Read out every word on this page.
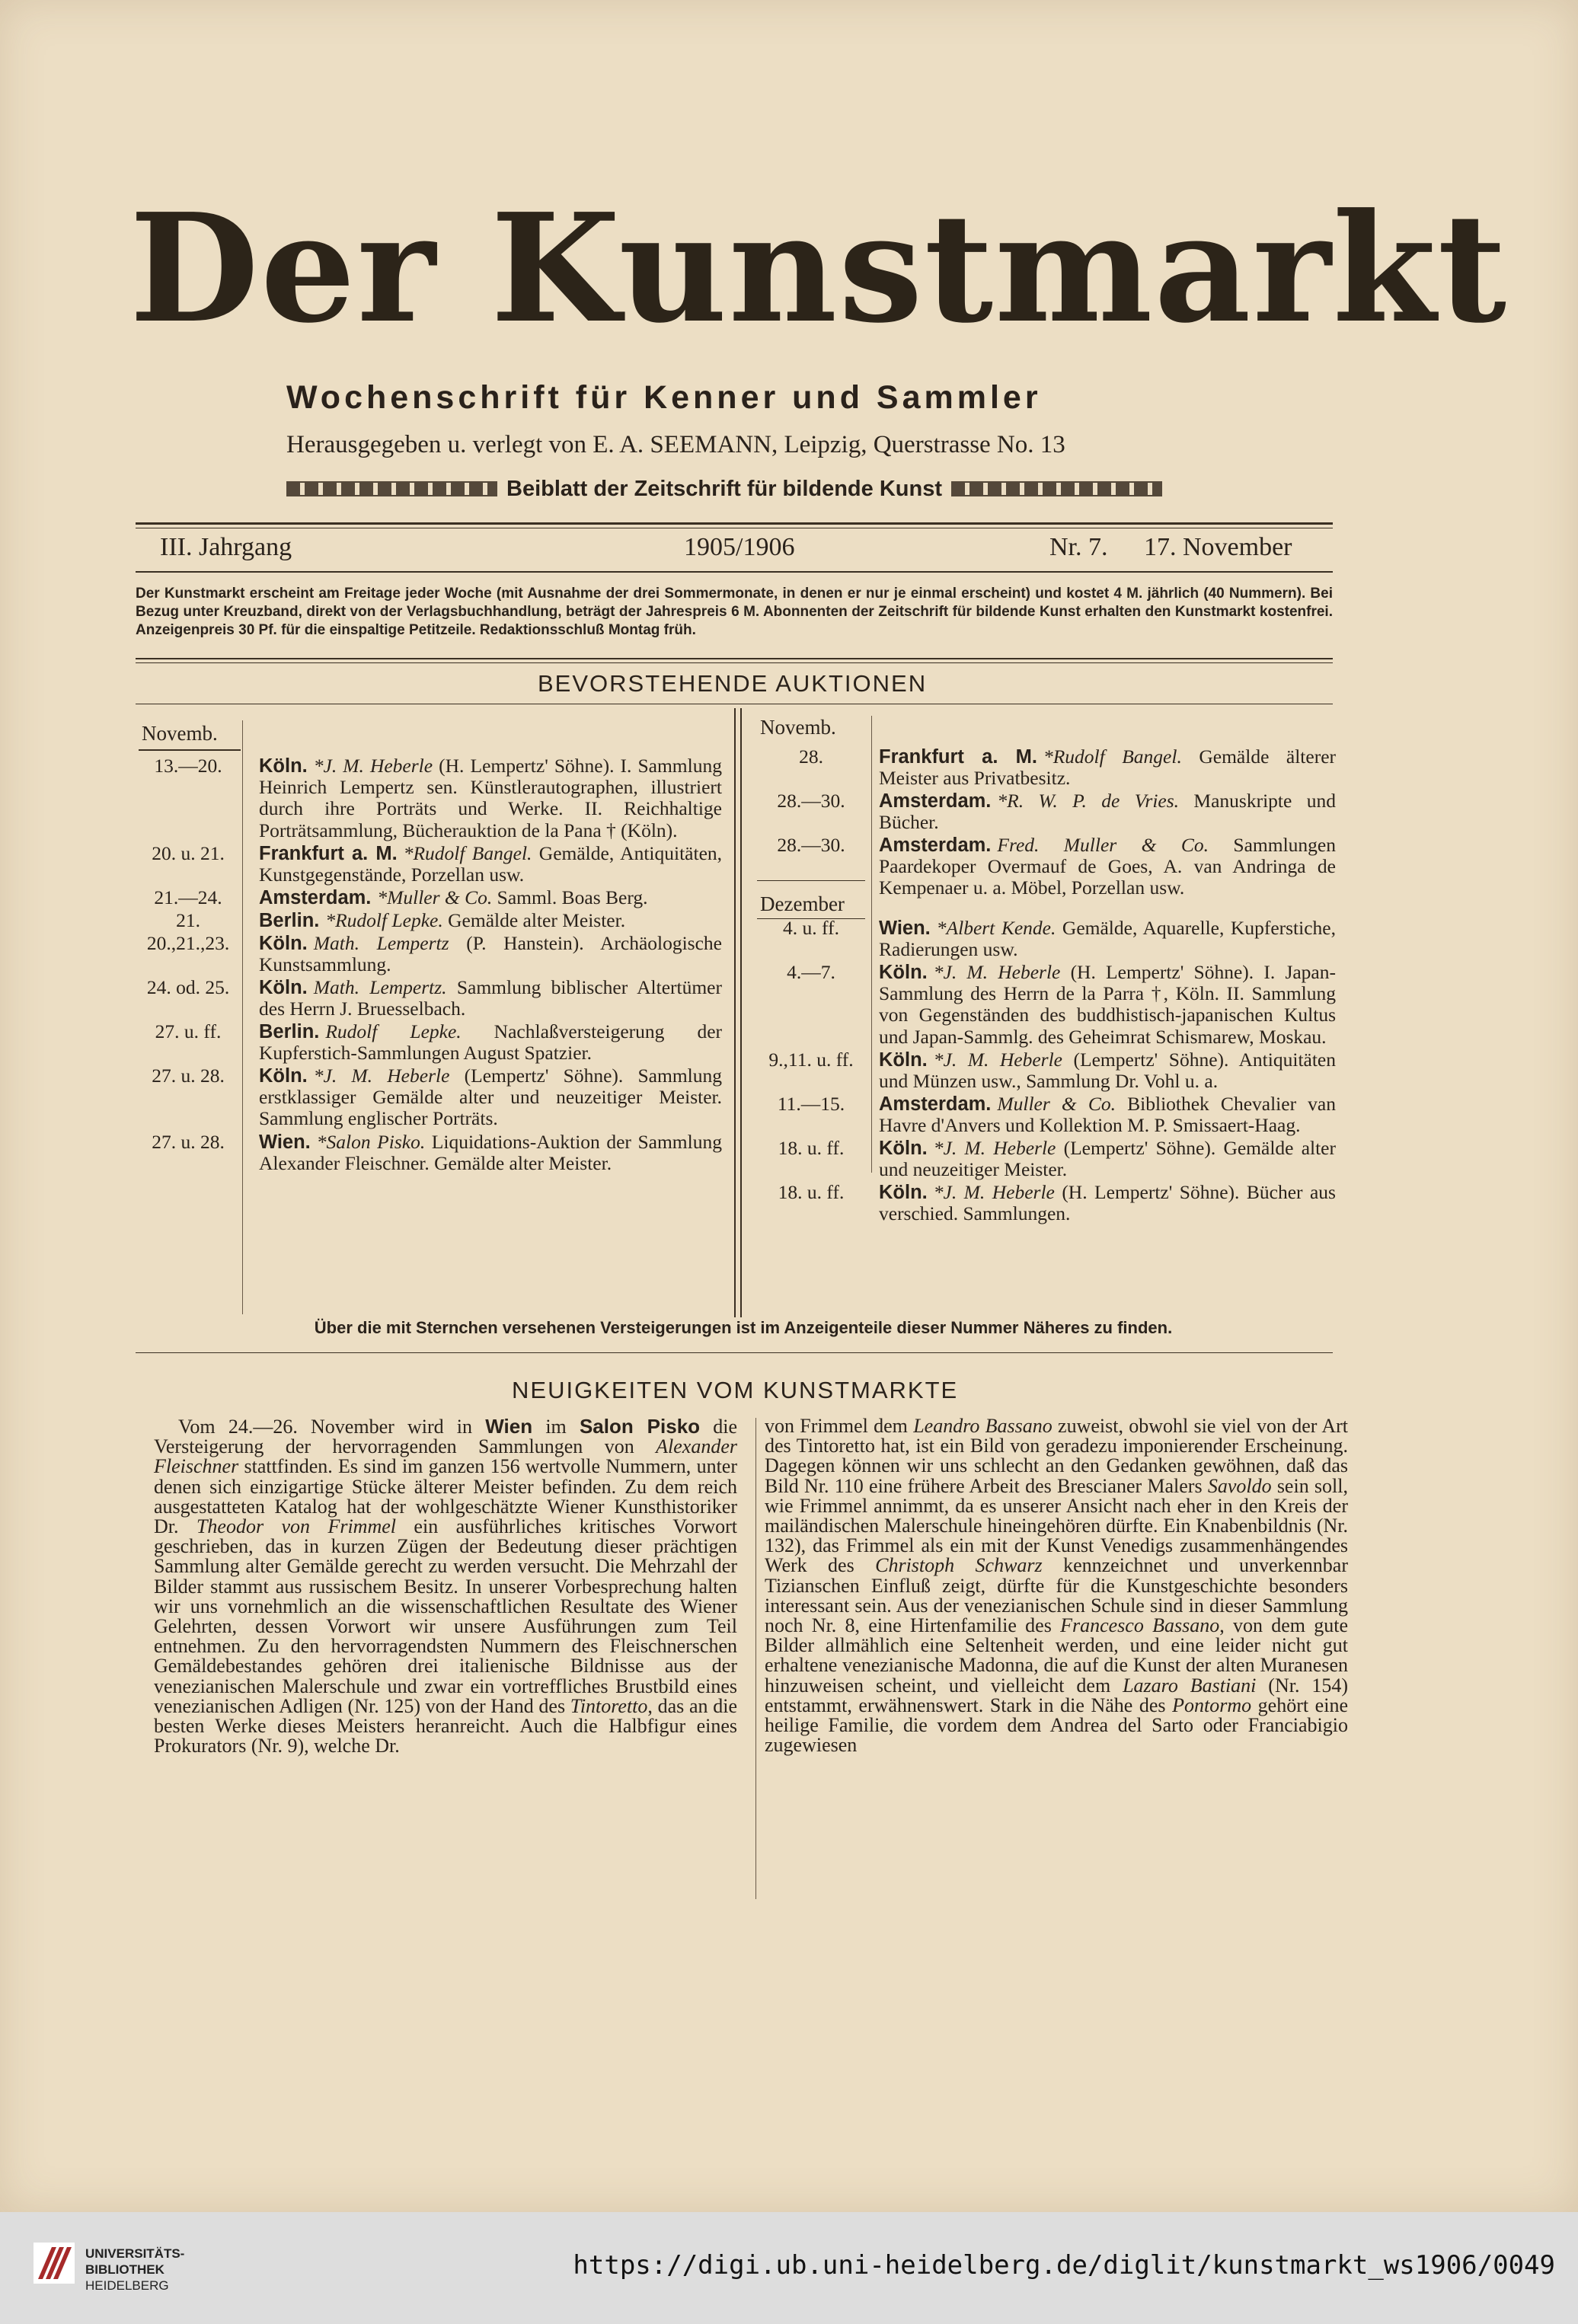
Der Kunstmarkt
Wochenschrift für Kenner und Sammler
Herausgegeben u. verlegt von E. A. SEEMANN, Leipzig, Querstrasse No. 13
Beiblatt der Zeitschrift für bildende Kunst
III. Jahrgang	1905/1906	Nr. 7. 17. November
Der Kunstmarkt erscheint am Freitage jeder Woche (mit Ausnahme der drei Sommermonate, in denen er nur je einmal erscheint) und kostet 4 M. jährlich (40 Nummern). Bei Bezug unter Kreuzband, direkt von der Verlagsbuchhandlung, beträgt der Jahrespreis 6 M. Abonnenten der Zeitschrift für bildende Kunst erhalten den Kunstmarkt kostenfrei. Anzeigenpreis 30 Pf. für die einspaltige Petitzeile. Redaktionsschluß Montag früh.
BEVORSTEHENDE AUKTIONEN
Novemb.	Novemb.
Dezember
13.—20.	Köln. *J. M. Heberle (H. Lempertz' Söhne). I. Sammlung Heinrich Lempertz sen. Künstlerautographen, illustriert durch ihre Porträts und Werke. II. Reichhaltige Porträtsammlung, Bücherauktion de la Pana † (Köln).
20. u. 21.	Frankfurt a. M. *Rudolf Bangel. Gemälde, Antiquitäten, Kunstgegenstände, Porzellan usw.
21.—24.	Amsterdam. *Muller & Co. Samml. Boas Berg.
21.	Berlin. *Rudolf Lepke. Gemälde alter Meister.
20.,21.,23.	Köln. Math. Lempertz (P. Hanstein). Archäologische Kunstsammlung.
24. od. 25.	Köln. Math. Lempertz. Sammlung biblischer Altertümer des Herrn J. Bruesselbach.
27. u. ff.	Berlin. Rudolf Lepke. Nachlaßversteigerung der Kupferstich-Sammlungen August Spatzier.
27. u. 28.	Köln. *J. M. Heberle (Lempertz' Söhne). Sammlung erstklassiger Gemälde alter und neuzeitiger Meister. Sammlung englischer Porträts.
27. u. 28.	Wien. *Salon Pisko. Liquidations-Auktion der Sammlung Alexander Fleischner. Gemälde alter Meister.
28.	Frankfurt a. M. *Rudolf Bangel. Gemälde älterer Meister aus Privatbesitz.
28.—30.	Amsterdam. *R. W. P. de Vries. Manuskripte und Bücher.
28.—30.	Amsterdam. Fred. Muller & Co. Sammlungen Paardekoper Overmauf de Goes, A. van Andringa de Kempenaer u. a. Möbel, Porzellan usw.
4. u. ff.	Wien. *Albert Kende. Gemälde, Aquarelle, Kupferstiche, Radierungen usw.
4.—7.	Köln. *J. M. Heberle (H. Lempertz' Söhne). I. Japan-Sammlung des Herrn de la Parra †, Köln. II. Sammlung von Gegenständen des buddhistisch-japanischen Kultus und Japan-Sammlg. des Geheimrat Schismarew, Moskau.
9.,11. u. ff.	Köln. *J. M. Heberle (Lempertz' Söhne). Antiquitäten und Münzen usw., Sammlung Dr. Vohl u. a.
11.—15.	Amsterdam. Muller & Co. Bibliothek Chevalier van Havre d'Anvers und Kollektion M. P. Smissaert-Haag.
18. u. ff.	Köln. *J. M. Heberle (Lempertz' Söhne). Gemälde alter und neuzeitiger Meister.
18. u. ff.	Köln. *J. M. Heberle (H. Lempertz' Söhne). Bücher aus verschied. Sammlungen.
Über die mit Sternchen versehenen Versteigerungen ist im Anzeigenteile dieser Nummer Näheres zu finden.
NEUIGKEITEN VOM KUNSTMARKTE
Vom 24.—26. November wird in Wien im Salon Pisko die Versteigerung der hervorragenden Sammlungen von Alexander Fleischner stattfinden. Es sind im ganzen 156 wertvolle Nummern, unter denen sich einzigartige Stücke älterer Meister befinden. Zu dem reich ausgestatteten Katalog hat der wohlgeschätzte Wiener Kunsthistoriker Dr. Theodor von Frimmel ein ausführliches kritisches Vorwort geschrieben, das in kurzen Zügen der Bedeutung dieser prächtigen Sammlung alter Gemälde gerecht zu werden versucht. Die Mehrzahl der Bilder stammt aus russischem Besitz. In unserer Vorbesprechung halten wir uns vornehmlich an die wissenschaftlichen Resultate des Wiener Gelehrten, dessen Vorwort wir unsere Ausführungen zum Teil entnehmen. Zu den hervorragendsten Nummern des Fleischnerschen Gemäldebestandes gehören drei italienische Bildnisse aus der venezianischen Malerschule und zwar ein vortreffliches Brustbild eines venezianischen Adligen (Nr. 125) von der Hand des Tintoretto, das an die besten Werke dieses Meisters heranreicht. Auch die Halbfigur eines Prokurators (Nr. 9), welche Dr.
von Frimmel dem Leandro Bassano zuweist, obwohl sie viel von der Art des Tintoretto hat, ist ein Bild von geradezu imponierender Erscheinung. Dagegen können wir uns schlecht an den Gedanken gewöhnen, daß das Bild Nr. 110 eine frühere Arbeit des Brescianer Malers Savoldo sein soll, wie Frimmel annimmt, da es unserer Ansicht nach eher in den Kreis der mailändischen Malerschule hineingehören dürfte. Ein Knabenbildnis (Nr. 132), das Frimmel als ein mit der Kunst Venedigs zusammenhängendes Werk des Christoph Schwarz kennzeichnet und unverkennbar Tizianschen Einfluß zeigt, dürfte für die Kunstgeschichte besonders interessant sein. Aus der venezianischen Schule sind in dieser Sammlung noch Nr. 8, eine Hirtenfamilie des Francesco Bassano, von dem gute Bilder allmählich eine Seltenheit werden, und eine leider nicht gut erhaltene venezianische Madonna, die auf die Kunst der alten Muranesen hinzuweisen scheint, und vielleicht dem Lazaro Bastiani (Nr. 154) entstammt, erwähnenswert. Stark in die Nähe des Pontormo gehört eine heilige Familie, die vordem dem Andrea del Sarto oder Franciabigio zugewiesen
UNIVERSITÄTS-
BIBLIOTHEK
HEIDELBERG
https://digi.ub.uni-heidelberg.de/diglit/kunstmarkt_ws1906/0049
